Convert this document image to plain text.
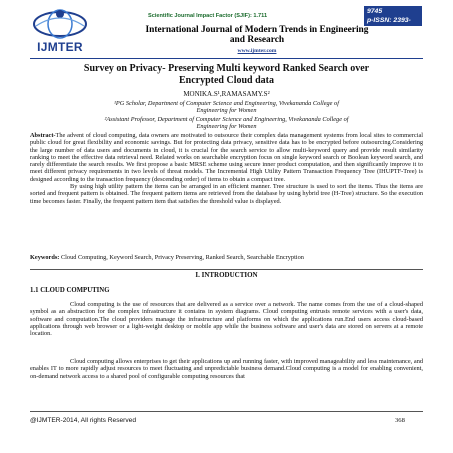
IJMTER
Scientific Journal Impact Factor (SJIF): 1.711
e-ISSN: 2349-9745
p-ISSN: 2393-8161
International Journal of Modern Trends in Engineering
and Research
www.ijmter.com
Survey on Privacy- Preserving Multi keyword Ranked Search over
Encrypted Cloud data
MONIKA.S¹,RAMASAMY.S²
¹PG Scholar, Department of Computer Science and Engineering, Vivekananda College of
Engineering for Women
²Assistant Professor, Department of Computer Science and Engineering, Vivekananda College of
Engineering for Women
Abstract-The advent of cloud computing, data owners are motivated to outsource their complex data management systems from local sites to commercial public cloud for great flexibility and economic savings. But for protecting data privacy, sensitive data has to be encrypted before outsourcing.Considering the large number of data users and documents in cloud, it is crucial for the search service to allow multi-keyword query and provide result similarity ranking to meet the effective data retrieval need. Related works on searchable encryption focus on single keyword search or Boolean keyword search, and rarely differentiate the search results. We first propose a basic MRSE scheme using secure inner product computation, and then significantly improve it to meet different privacy requirements in two levels of threat models. The Incremental High Utility Pattern Transaction Frequency Tree (IHUPTF-Tree) is designed according to the transaction frequency (descending order) of items to obtain a compact tree.
By using high utility pattern the items can be arranged in an efficient manner. Tree structure is used to sort the items. Thus the items are sorted and frequent pattern is obtained. The frequent pattern items are retrieved from the database by using hybrid tree (H-Tree) structure. So the execution time becomes faster. Finally, the frequent pattern item that satisfies the threshold value is displayed.
Keywords: Cloud Computing, Keyword Search, Privacy Preserving, Ranked Search, Searchable Encryption
I. INTRODUCTION
1.1 CLOUD COMPUTING
Cloud computing is the use of resources that are delivered as a service over a network. The name comes from the use of a cloud-shaped symbol as an abstraction for the complex infrastructure it contains in system diagrams. Cloud computing entrusts remote services with a user's data, software and computation.The cloud providers manage the infrastructure and platforms on which the applications run.End users access cloud-based applications through web browser or a light-weight desktop or mobile app while the business software and user's data are stored on servers at a remote location.
Cloud computing allows enterprises to get their applications up and running faster, with improved manageability and less maintenance, and enables IT to more rapidly adjust resources to meet fluctuating and unpredictable business demand.Cloud computing is a model for enabling convenient, on-demand network access to a shared pool of configurable computing resources that
@IJMTER-2014, All rights Reserved	368
